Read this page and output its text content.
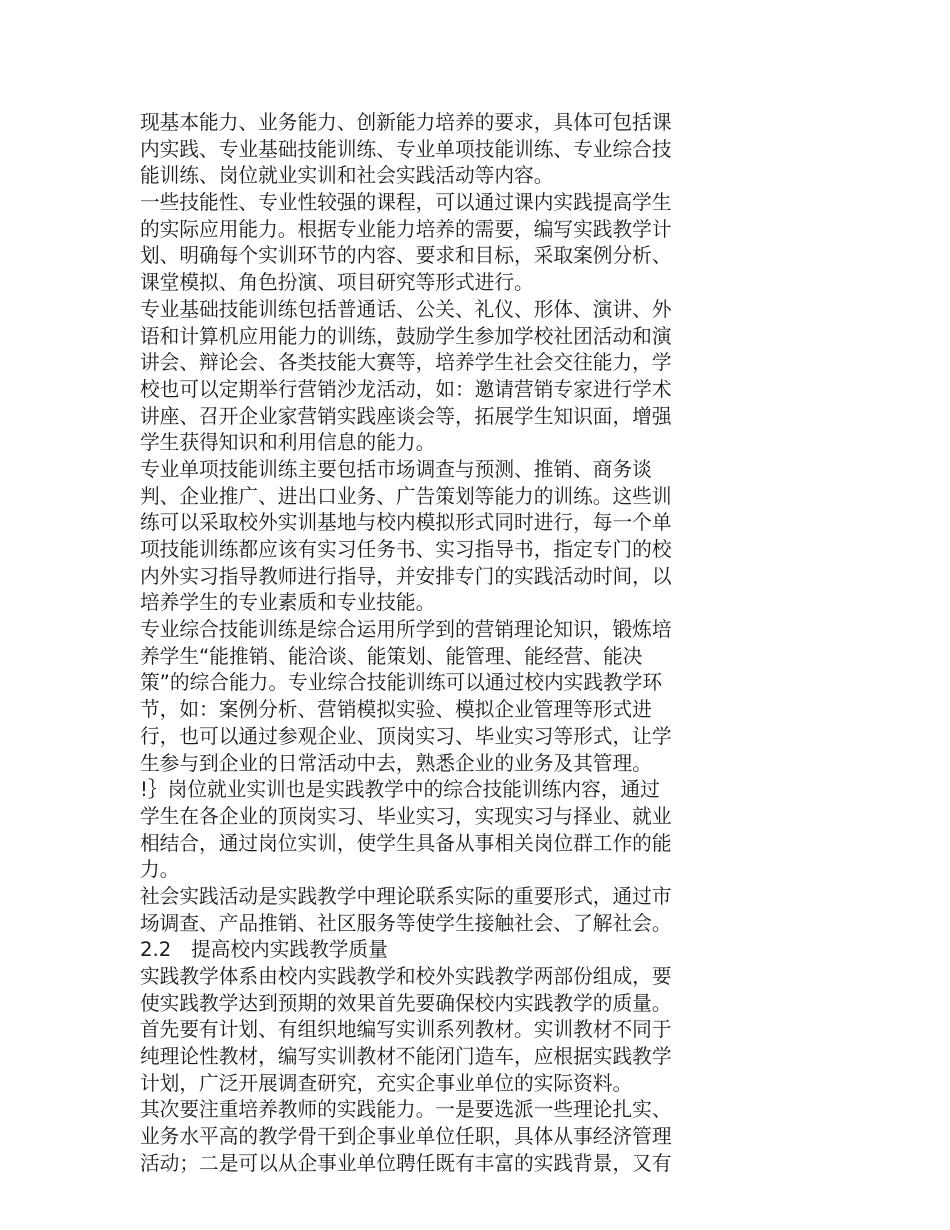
现基本能力、业务能力、创新能力培养的要求，具体可包括课
内实践、专业基础技能训练、专业单项技能训练、专业综合技
能训练、岗位就业实训和社会实践活动等内容。
一些技能性、专业性较强的课程，可以通过课内实践提高学生
的实际应用能力。根据专业能力培养的需要，编写实践教学计
划、明确每个实训环节的内容、要求和目标，采取案例分析、
课堂模拟、角色扮演、项目研究等形式进行。
专业基础技能训练包括普通话、公关、礼仪、形体、演讲、外
语和计算机应用能力的训练，鼓励学生参加学校社团活动和演
讲会、辩论会、各类技能大赛等，培养学生社会交往能力，学
校也可以定期举行营销沙龙活动，如：邀请营销专家进行学术
讲座、召开企业家营销实践座谈会等，拓展学生知识面，增强
学生获得知识和利用信息的能力。
专业单项技能训练主要包括市场调查与预测、推销、商务谈
判、企业推广、进出口业务、广告策划等能力的训练。这些训
练可以采取校外实训基地与校内模拟形式同时进行，每一个单
项技能训练都应该有实习任务书、实习指导书，指定专门的校
内外实习指导教师进行指导，并安排专门的实践活动时间，以
培养学生的专业素质和专业技能。
专业综合技能训练是综合运用所学到的营销理论知识，锻炼培
养学生“能推销、能洽谈、能策划、能管理、能经营、能决
策”的综合能力。专业综合技能训练可以通过校内实践教学环
节，如：案例分析、营销模拟实验、模拟企业管理等形式进
行，也可以通过参观企业、顶岗实习、毕业实习等形式，让学
生参与到企业的日常活动中去，熟悉企业的业务及其管理。
!｝岗位就业实训也是实践教学中的综合技能训练内容，通过
学生在各企业的顶岗实习、毕业实习，实现实习与择业、就业
相结合，通过岗位实训，使学生具备从事相关岗位群工作的能
力。
社会实践活动是实践教学中理论联系实际的重要形式，通过市
场调查、产品推销、社区服务等使学生接触社会、了解社会。
2.2　提高校内实践教学质量
实践教学体系由校内实践教学和校外实践教学两部份组成，要
使实践教学达到预期的效果首先要确保校内实践教学的质量。
首先要有计划、有组织地编写实训系列教材。实训教材不同于
纯理论性教材，编写实训教材不能闭门造车，应根据实践教学
计划，广泛开展调查研究，充实企事业单位的实际资料。
其次要注重培养教师的实践能力。一是要选派一些理论扎实、
业务水平高的教学骨干到企事业单位任职，具体从事经济管理
活动；二是可以从企事业单位聘任既有丰富的实践背景，又有
